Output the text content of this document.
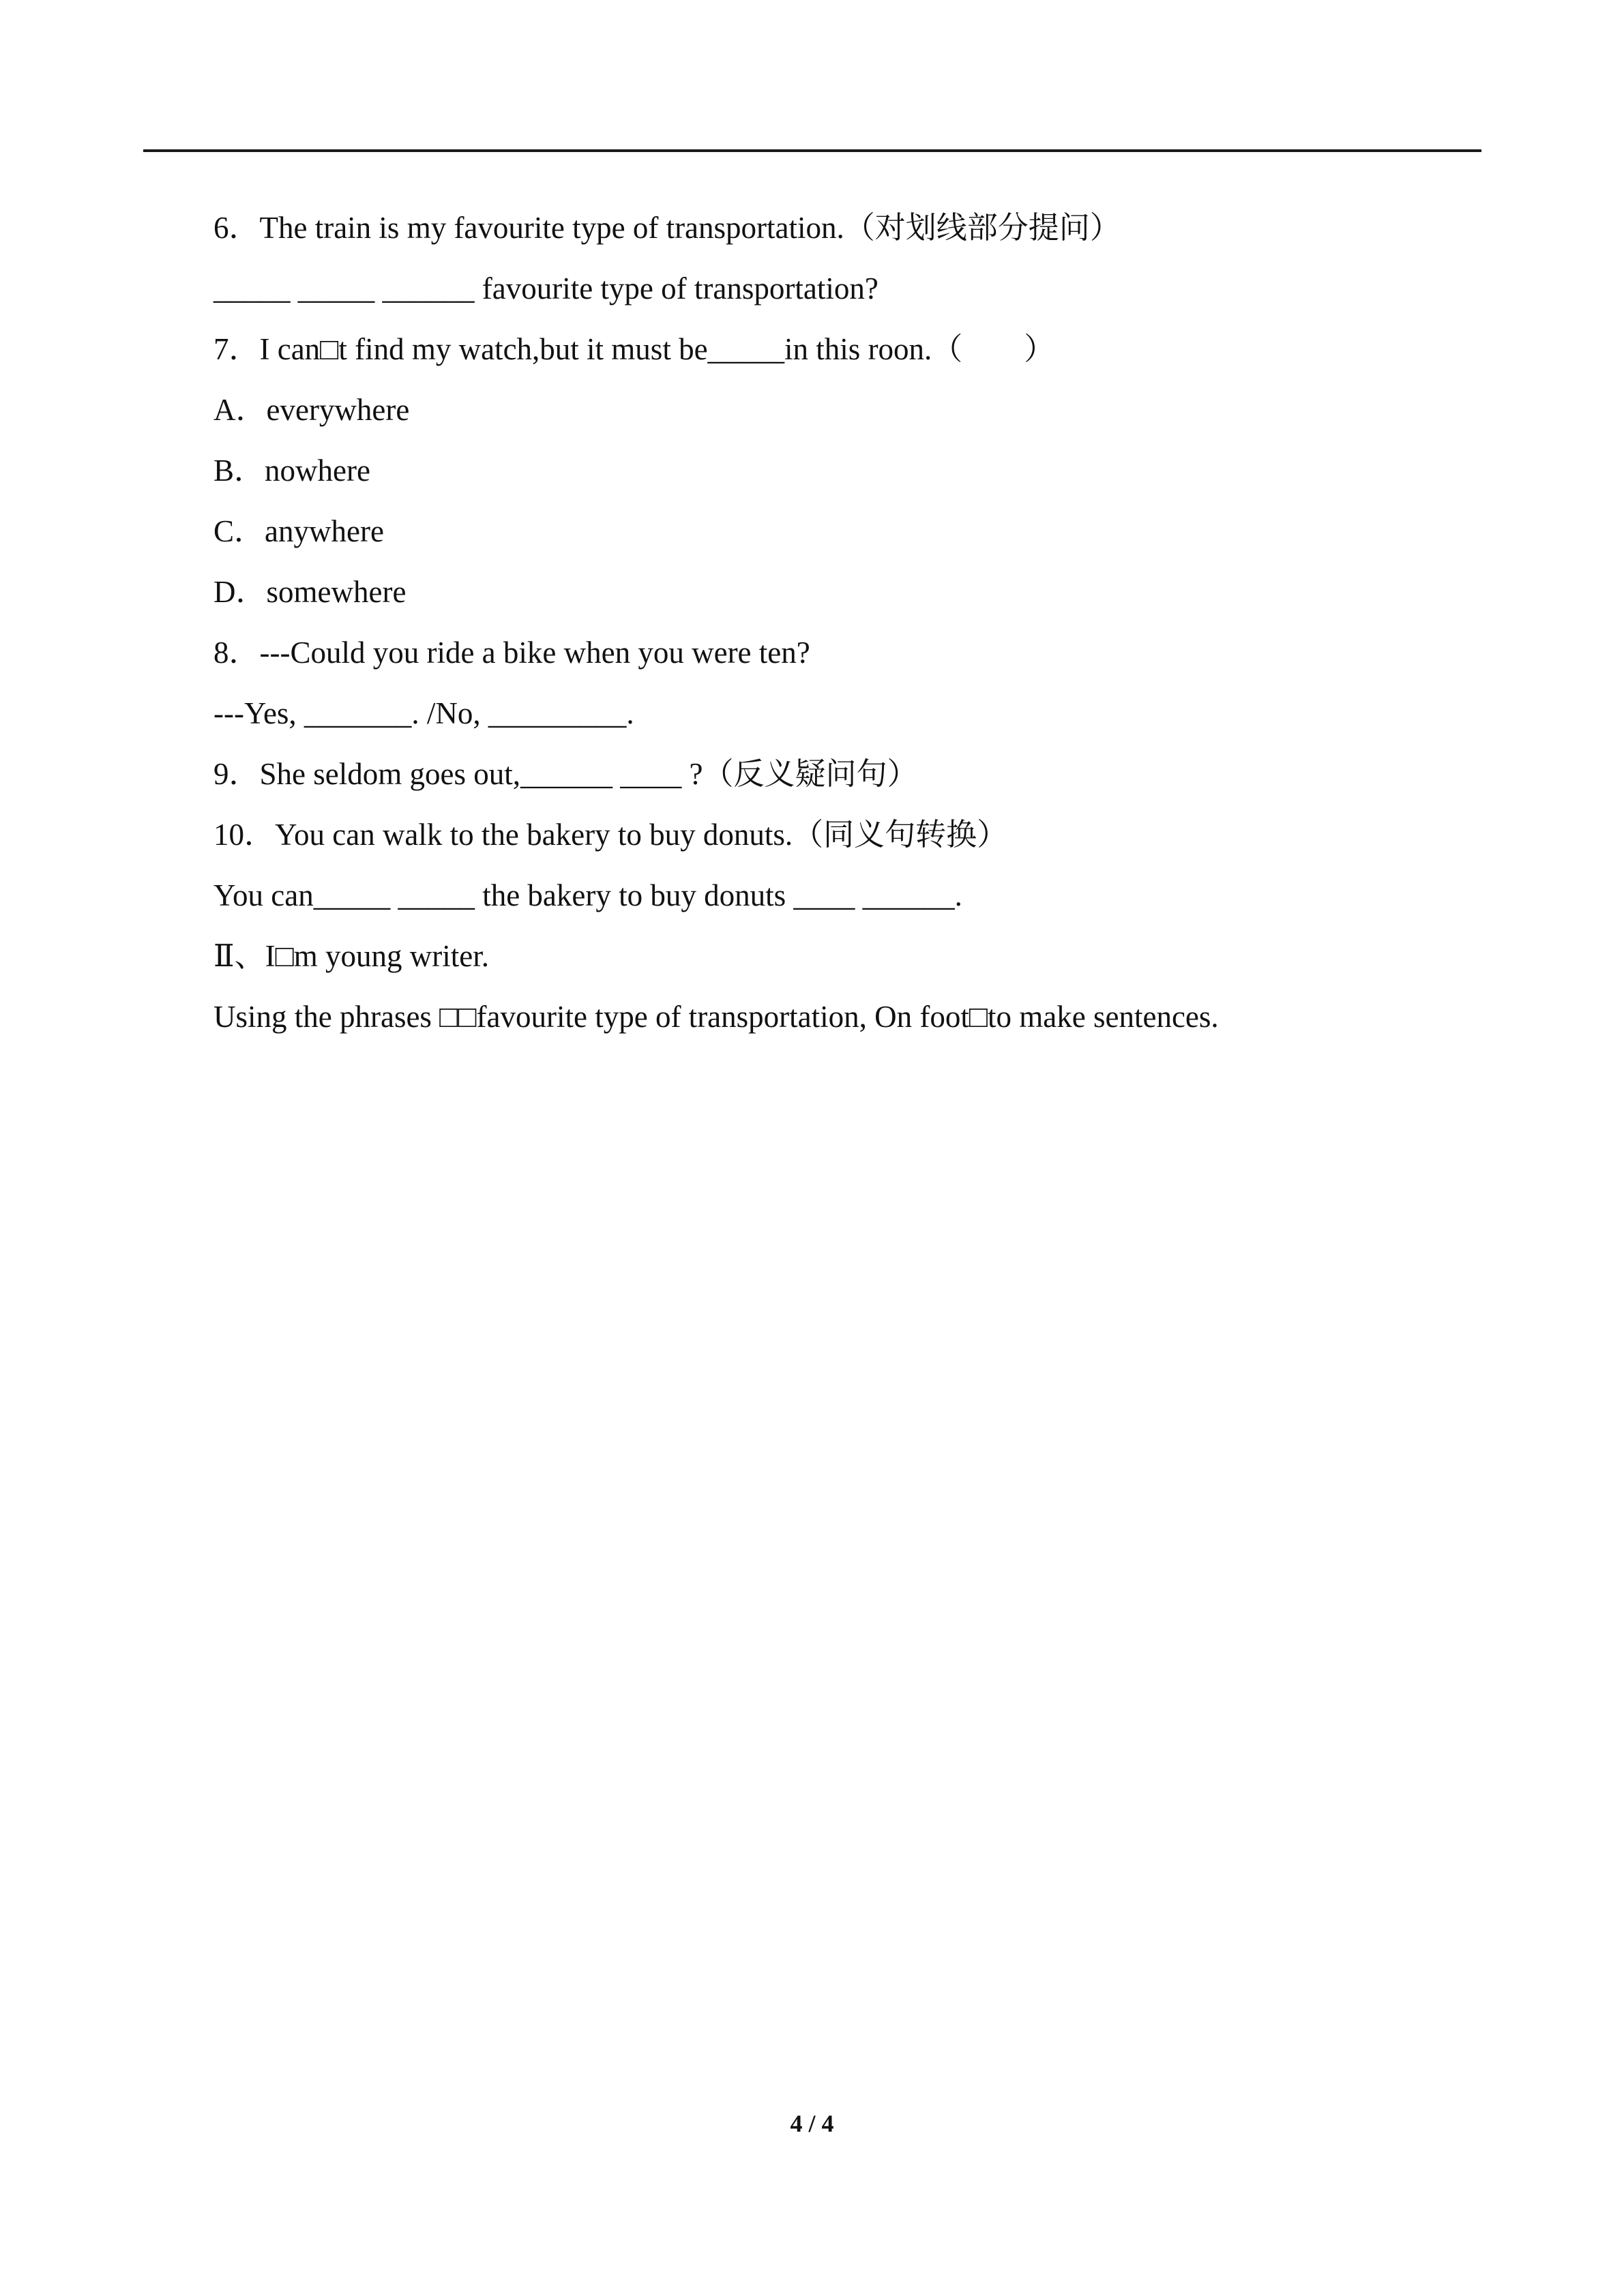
6．The train is my favourite type of transportation.（对划线部分提问）
_____ _____ ______ favourite type of transportation?
7．I can□t find my watch,but it must be_____in this roon.（　　）
A．everywhere
B．nowhere
C．anywhere
D．somewhere
8．---Could you ride a bike when you were ten?
---Yes, _______. /No, _________.
9．She seldom goes out,______ ____ ?（反义疑问句）
10．You can walk to the bakery to buy donuts.（同义句转换）
You can_____ _____ the bakery to buy donuts ____ ______.
Ⅱ、I□m young writer.
Using the phrases □□favourite type of transportation, On foot□to make sentences.
4 / 4
